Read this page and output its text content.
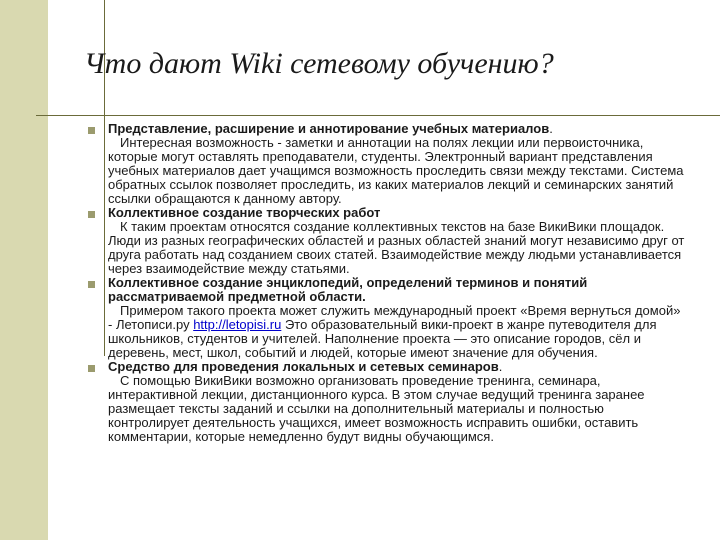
Что дают Wiki сетевому обучению?
Представление, расширение и аннотирование учебных материалов.
Интересная возможность - заметки и аннотации на полях лекции или первоисточника, которые могут оставлять преподаватели, студенты. Электронный вариант представления учебных материалов дает учащимся возможность проследить связи между текстами. Система обратных ссылок позволяет проследить, из каких материалов лекций и семинарских занятий ссылки обращаются к данному автору.
Коллективное создание творческих работ
К таким проектам относятся создание коллективных текстов на базе ВикиВики площадок. Люди из разных географических областей и разных областей знаний могут независимо друг от друга работать над созданием своих статей. Взаимодействие между людьми устанавливается через взаимодействие между статьями.
Коллективное создание энциклопедий, определений терминов и понятий рассматриваемой предметной области.
Примером такого проекта может служить международный проект «Время вернуться домой» - Летописи.ру http://letopisi.ru Это образовательный вики-проект в жанре путеводителя для школьников, студентов и учителей. Наполнение проекта — это описание городов, сёл и деревень, мест, школ, событий и людей, которые имеют значение для обучения.
Средство для проведения локальных и сетевых семинаров.
С помощью ВикиВики возможно организовать проведение тренинга, семинара, интерактивной лекции, дистанционного курса. В этом случае ведущий тренинга заранее размещает тексты заданий и ссылки на дополнительный материалы и полностью контролирует деятельность учащихся, имеет возможность исправить ошибки, оставить комментарии, которые немедленно будут видны обучающимся.
